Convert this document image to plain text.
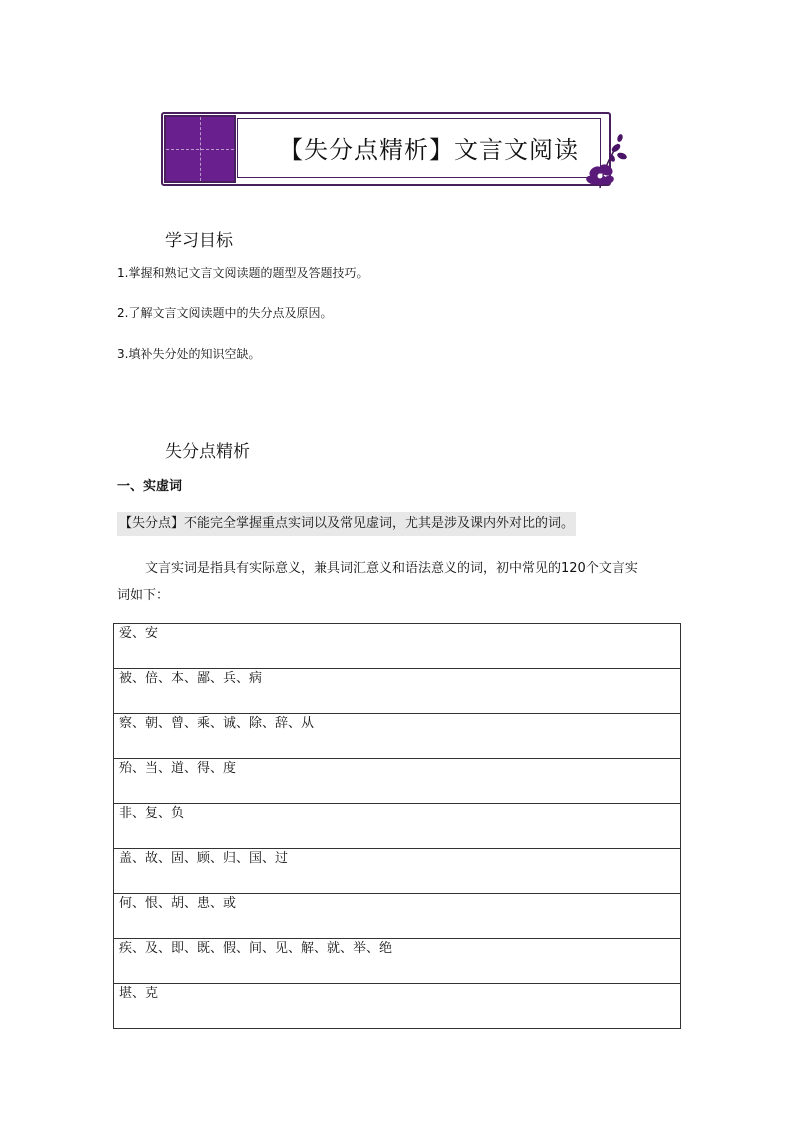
【失分点精析】文言文阅读
学习目标
1.掌握和熟记文言文阅读题的题型及答题技巧。
2.了解文言文阅读题中的失分点及原因。
3.填补失分处的知识空缺。
失分点精析
一、实虚词
【失分点】不能完全掌握重点实词以及常见虚词，尤其是涉及课内外对比的词。
文言实词是指具有实际意义，兼具词汇意义和语法意义的词，初中常见的120个文言实
词如下：
爱、安
被、倍、本、鄙、兵、病
察、朝、曾、乘、诚、除、辞、从
殆、当、道、得、度
非、复、负
盖、故、固、顾、归、国、过
何、恨、胡、患、或
疾、及、即、既、假、间、见、解、就、举、绝
堪、克
